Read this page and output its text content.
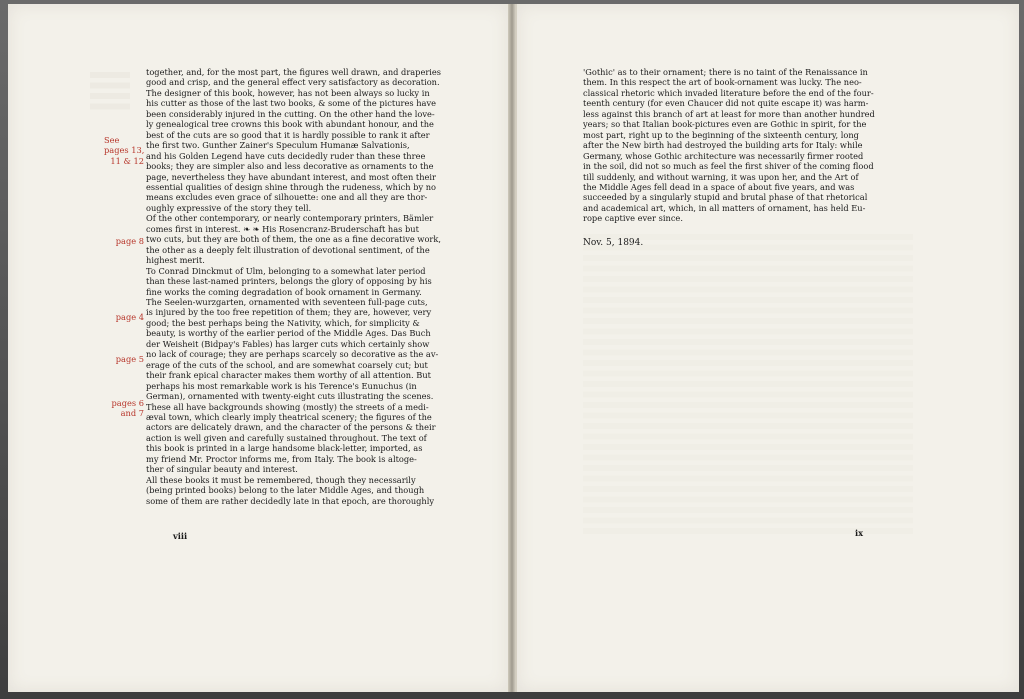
together, and, for the most part, the figures well drawn, and draperies
good and crisp, and the general effect very satisfactory as decoration.
The designer of this book, however, has not been always so lucky in
his cutter as those of the last two books, & some of the pictures have
been considerably injured in the cutting. On the other hand the love-
ly genealogical tree crowns this book with abundant honour, and the
best of the cuts are so good that it is hardly possible to rank it after
the first two. Gunther Zainer's Speculum Humanæ Salvationis,
and his Golden Legend have cuts decidedly ruder than these three
books; they are simpler also and less decorative as ornaments to the
page, nevertheless they have abundant interest, and most often their
essential qualities of design shine through the rudeness, which by no
means excludes even grace of silhouette: one and all they are thor-
oughly expressive of the story they tell.
Of the other contemporary, or nearly contemporary printers, Bämler
comes first in interest. ❧ ❧ His Rosencranz-Bruderschaft has but
two cuts, but they are both of them, the one as a fine decorative work,
the other as a deeply felt illustration of devotional sentiment, of the
highest merit.
To Conrad Dinckmut of Ulm, belonging to a somewhat later period
than these last-named printers, belongs the glory of opposing by his
fine works the coming degradation of book ornament in Germany.
The Seelen-wurzgarten, ornamented with seventeen full-page cuts,
is injured by the too free repetition of them; they are, however, very
good; the best perhaps being the Nativity, which, for simplicity &
beauty, is worthy of the earlier period of the Middle Ages. Das Buch
der Weisheit (Bidpay's Fables) has larger cuts which certainly show
no lack of courage; they are perhaps scarcely so decorative as the av-
erage of the cuts of the school, and are somewhat coarsely cut; but
their frank epical character makes them worthy of all attention. But
perhaps his most remarkable work is his Terence's Eunuchus (in
German), ornamented with twenty-eight cuts illustrating the scenes.
These all have backgrounds showing (mostly) the streets of a medi-
æval town, which clearly imply theatrical scenery; the figures of the
actors are delicately drawn, and the character of the persons & their
action is well given and carefully sustained throughout. The text of
this book is printed in a large handsome black-letter, imported, as
my friend Mr. Proctor informs me, from Italy. The book is altoge-
ther of singular beauty and interest.
All these books it must be remembered, though they necessarily
(being printed books) belong to the later Middle Ages, and though
some of them are rather decidedly late in that epoch, are thoroughly
See
pages 13,
11 & 12
page 8
page 4
page 5
pages 6
and 7
viii
'Gothic' as to their ornament; there is no taint of the Renaissance in
them. In this respect the art of book-ornament was lucky. The neo-
classical rhetoric which invaded literature before the end of the four-
teenth century (for even Chaucer did not quite escape it) was harm-
less against this branch of art at least for more than another hundred
years; so that Italian book-pictures even are Gothic in spirit, for the
most part, right up to the beginning of the sixteenth century, long
after the New birth had destroyed the building arts for Italy: while
Germany, whose Gothic architecture was necessarily firmer rooted
in the soil, did not so much as feel the first shiver of the coming flood
till suddenly, and without warning, it was upon her, and the Art of
the Middle Ages fell dead in a space of about five years, and was
succeeded by a singularly stupid and brutal phase of that rhetorical
and academical art, which, in all matters of ornament, has held Eu-
rope captive ever since.
Nov. 5, 1894.
ix
